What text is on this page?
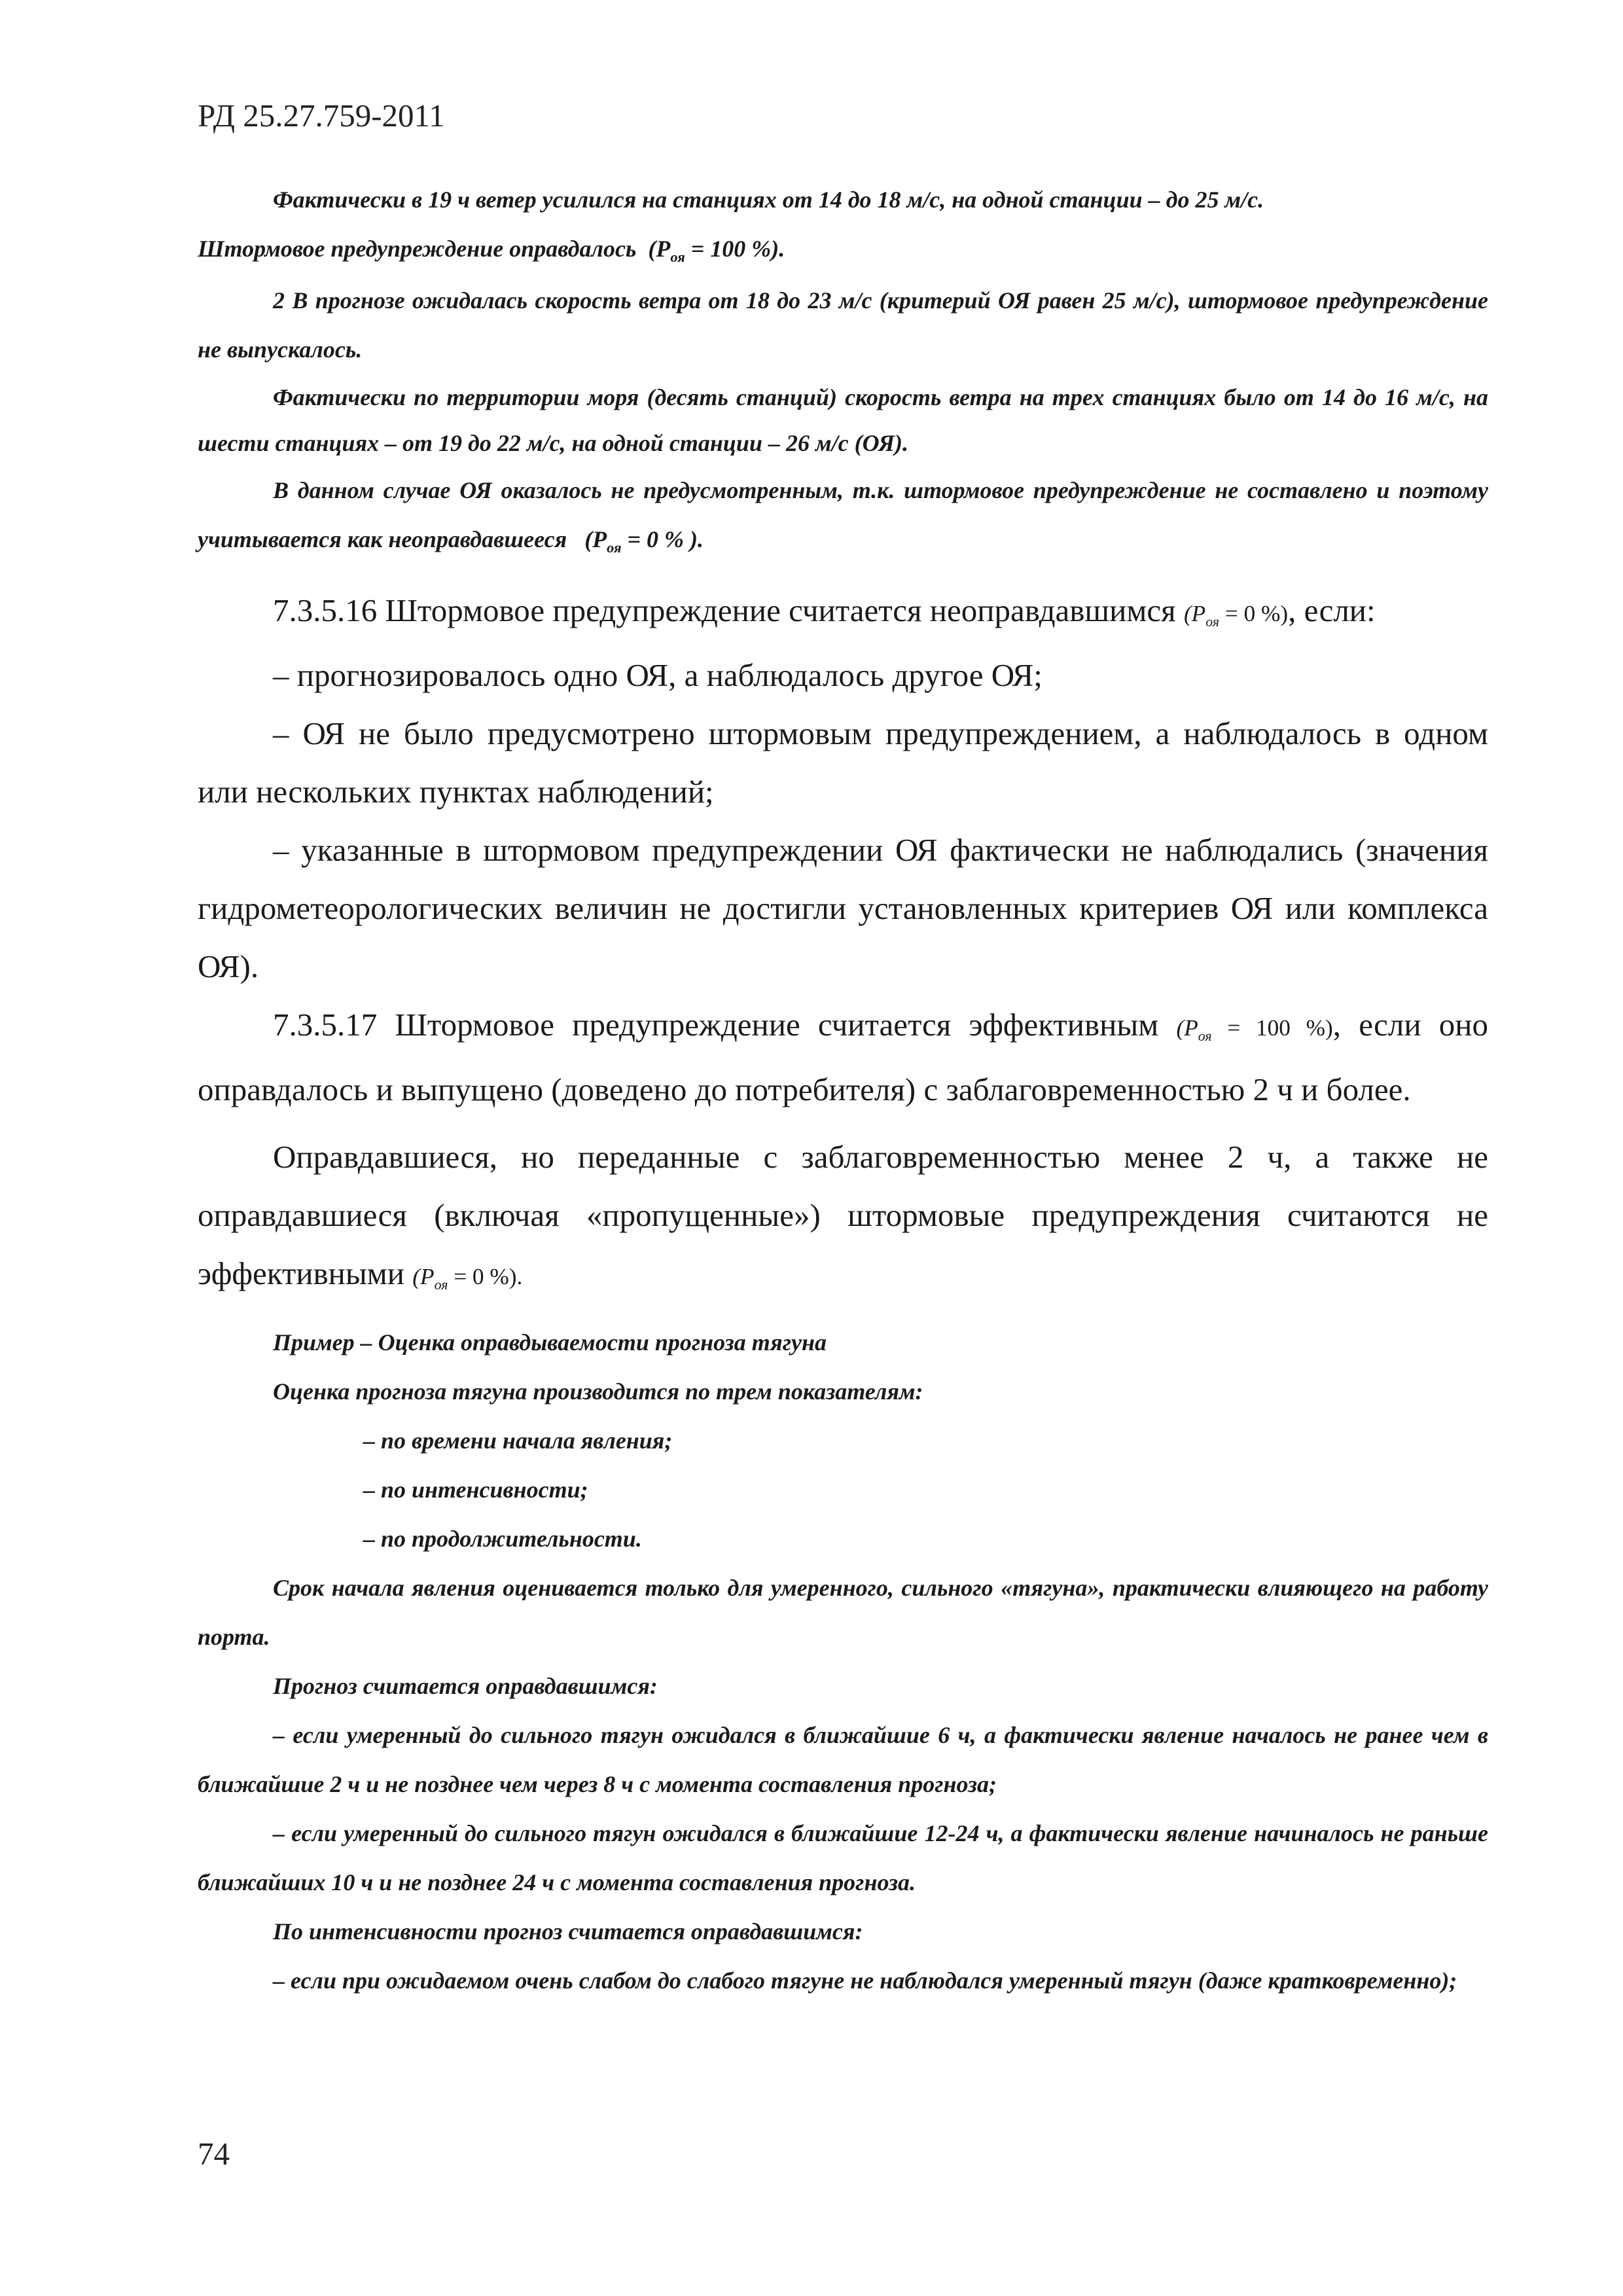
РД 25.27.759-2011

Фактически в 19 ч ветер усилился на станциях от 14 до 18 м/с, на одной станции – до 25 м/с.

Штормовое предупреждение оправдалось ($P_{оя} = 100$ %).

2 В прогнозе ожидалась скорость ветра от 18 до 23 м/с (критерий ОЯ равен 25 м/с), штормовое предупреждение не выпускалось.

Фактически по территории моря (десять станций) скорость ветра на трех станциях было от 14 до 16 м/с, на шести станциях – от 19 до 22 м/с, на одной станции – 26 м/с (ОЯ).

В данном случае ОЯ оказалось не предусмотренным, т.к. штормовое предупреждение не составлено и поэтому учитывается как неоправдавшееся ($P_{оя} = 0$ % ).

7.3.5.16 Штормовое предупреждение считается неоправдавшимся ($P_{оя} = 0$ %), если:

– прогнозировалось одно ОЯ, а наблюдалось другое ОЯ;

– ОЯ не было предусмотрено штормовым предупреждением, а наблюдалось в одном или нескольких пунктах наблюдений;

– указанные в штормовом предупреждении ОЯ фактически не наблюдались (значения гидрометеорологических величин не достигли установленных критериев ОЯ или комплекса ОЯ).

7.3.5.17 Штормовое предупреждение считается эффективным ($P_{оя} = 100$ %), если оно оправдалось и выпущено (доведено до потребителя) с заблаговременностью 2 ч и более.

Оправдавшиеся, но переданные с заблаговременностью менее 2 ч, а также не оправдавшиеся (включая «пропущенные») штормовые предупреждения считаются не эффективными ($P_{оя} = 0$ %).

Пример – Оценка оправдываемости прогноза тягуна

Оценка прогноза тягуна производится по трем показателям:

– по времени начала явления;

– по интенсивности;

– по продолжительности.

Срок начала явления оценивается только для умеренного, сильного «тягуна», практически влияющего на работу порта.

Прогноз считается оправдавшимся:

– если умеренный до сильного тягун ожидался в ближайшие 6 ч, а фактически явление началось не ранее чем в ближайшие 2 ч и не позднее чем через 8 ч с момента составления прогноза;

– если умеренный до сильного тягун ожидался в ближайшие 12-24 ч, а фактически явление начиналось не раньше ближайших 10 ч и не позднее 24 ч с момента составления прогноза.

По интенсивности прогноз считается оправдавшимся:

– если при ожидаемом очень слабом до слабого тягуне не наблюдался умеренный тягун (даже кратковременно);

74
